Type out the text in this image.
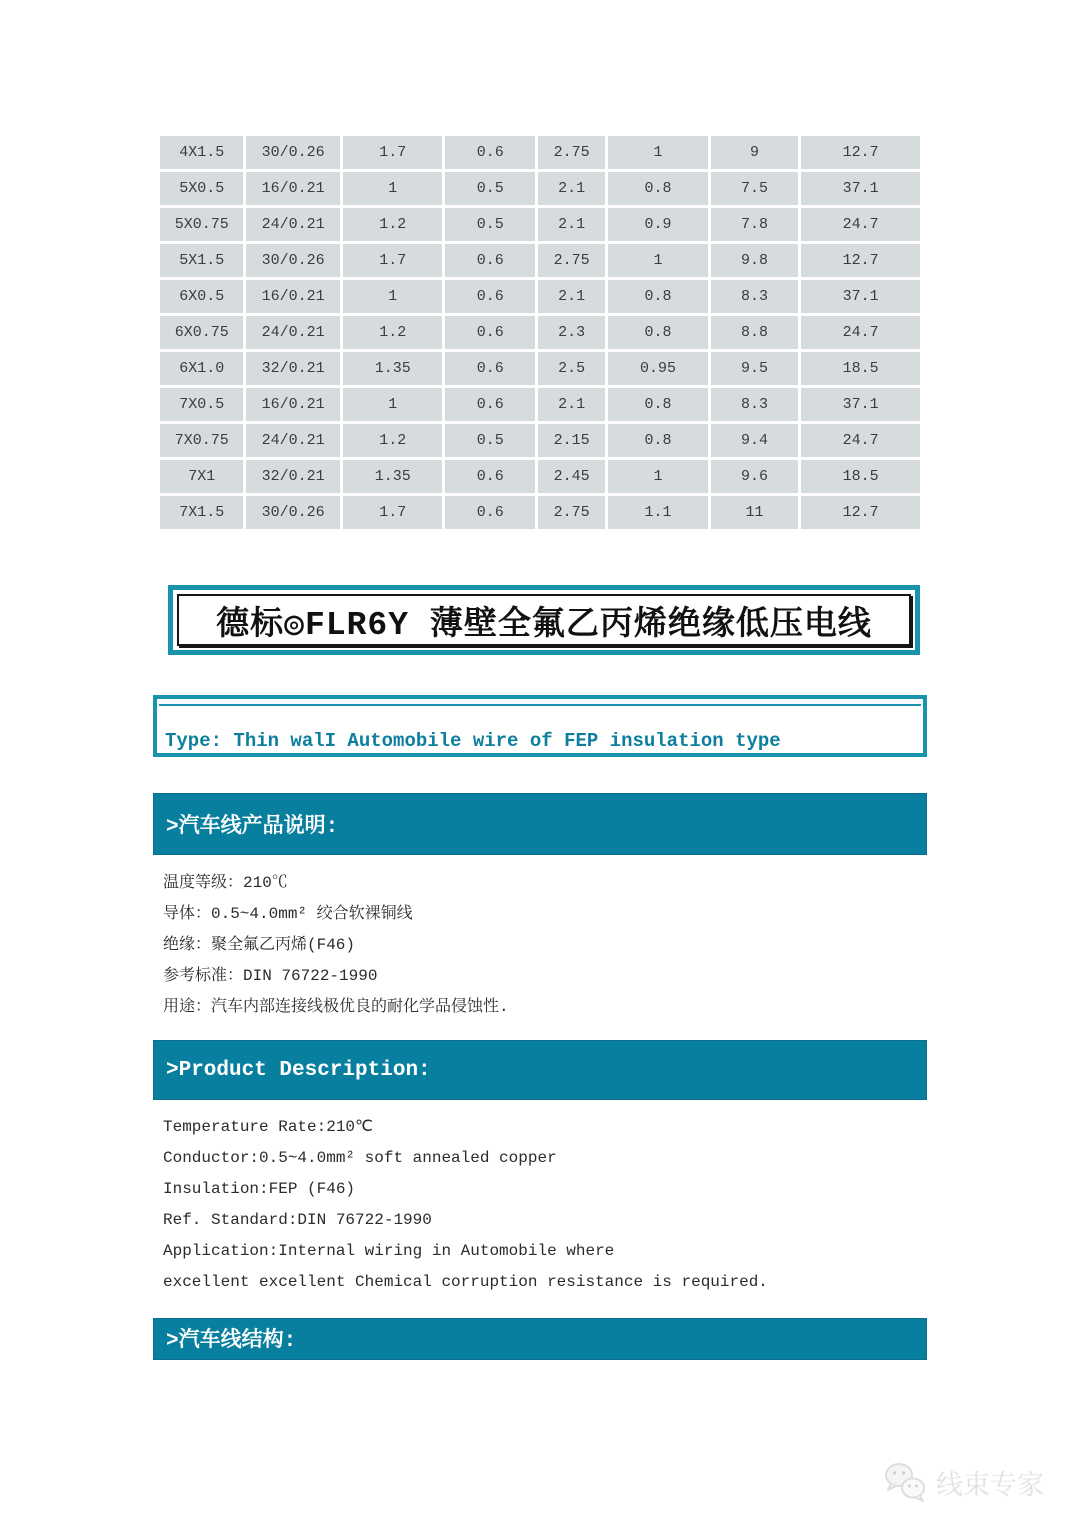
4X1.5	30/0.26	1.7	0.6	2.75	1	9	12.7
5X0.5	16/0.21	1	0.5	2.1	0.8	7.5	37.1
5X0.75	24/0.21	1.2	0.5	2.1	0.9	7.8	24.7
5X1.5	30/0.26	1.7	0.6	2.75	1	9.8	12.7
6X0.5	16/0.21	1	0.6	2.1	0.8	8.3	37.1
6X0.75	24/0.21	1.2	0.6	2.3	0.8	8.8	24.7
6X1.0	32/0.21	1.35	0.6	2.5	0.95	9.5	18.5
7X0.5	16/0.21	1	0.6	2.1	0.8	8.3	37.1
7X0.75	24/0.21	1.2	0.5	2.15	0.8	9.4	24.7
7X1	32/0.21	1.35	0.6	2.45	1	9.6	18.5
7X1.5	30/0.26	1.7	0.6	2.75	1.1	11	12.7
德标◎FLR6Y 薄壁全氟乙丙烯绝缘低压电线
Type: Thin walI Automobile wire of FEP insulation type
>汽车线产品说明:

温度等级：210℃

导体：0.5~4.0mm² 绞合软裸铜线

绝缘：聚全氟乙丙烯(F46)

参考标准：DIN 76722-1990

用途：汽车内部连接线极优良的耐化学品侵蚀性.

>Product Description:

Temperature Rate:210℃

Conductor:0.5~4.0mm² soft annealed copper

Insulation:FEP (F46)

Ref. Standard:DIN 76722-1990

Application:Internal wiring in Automobile where

excellent excellent Chemical corruption resistance is required.

>汽车线结构:
线束专家
